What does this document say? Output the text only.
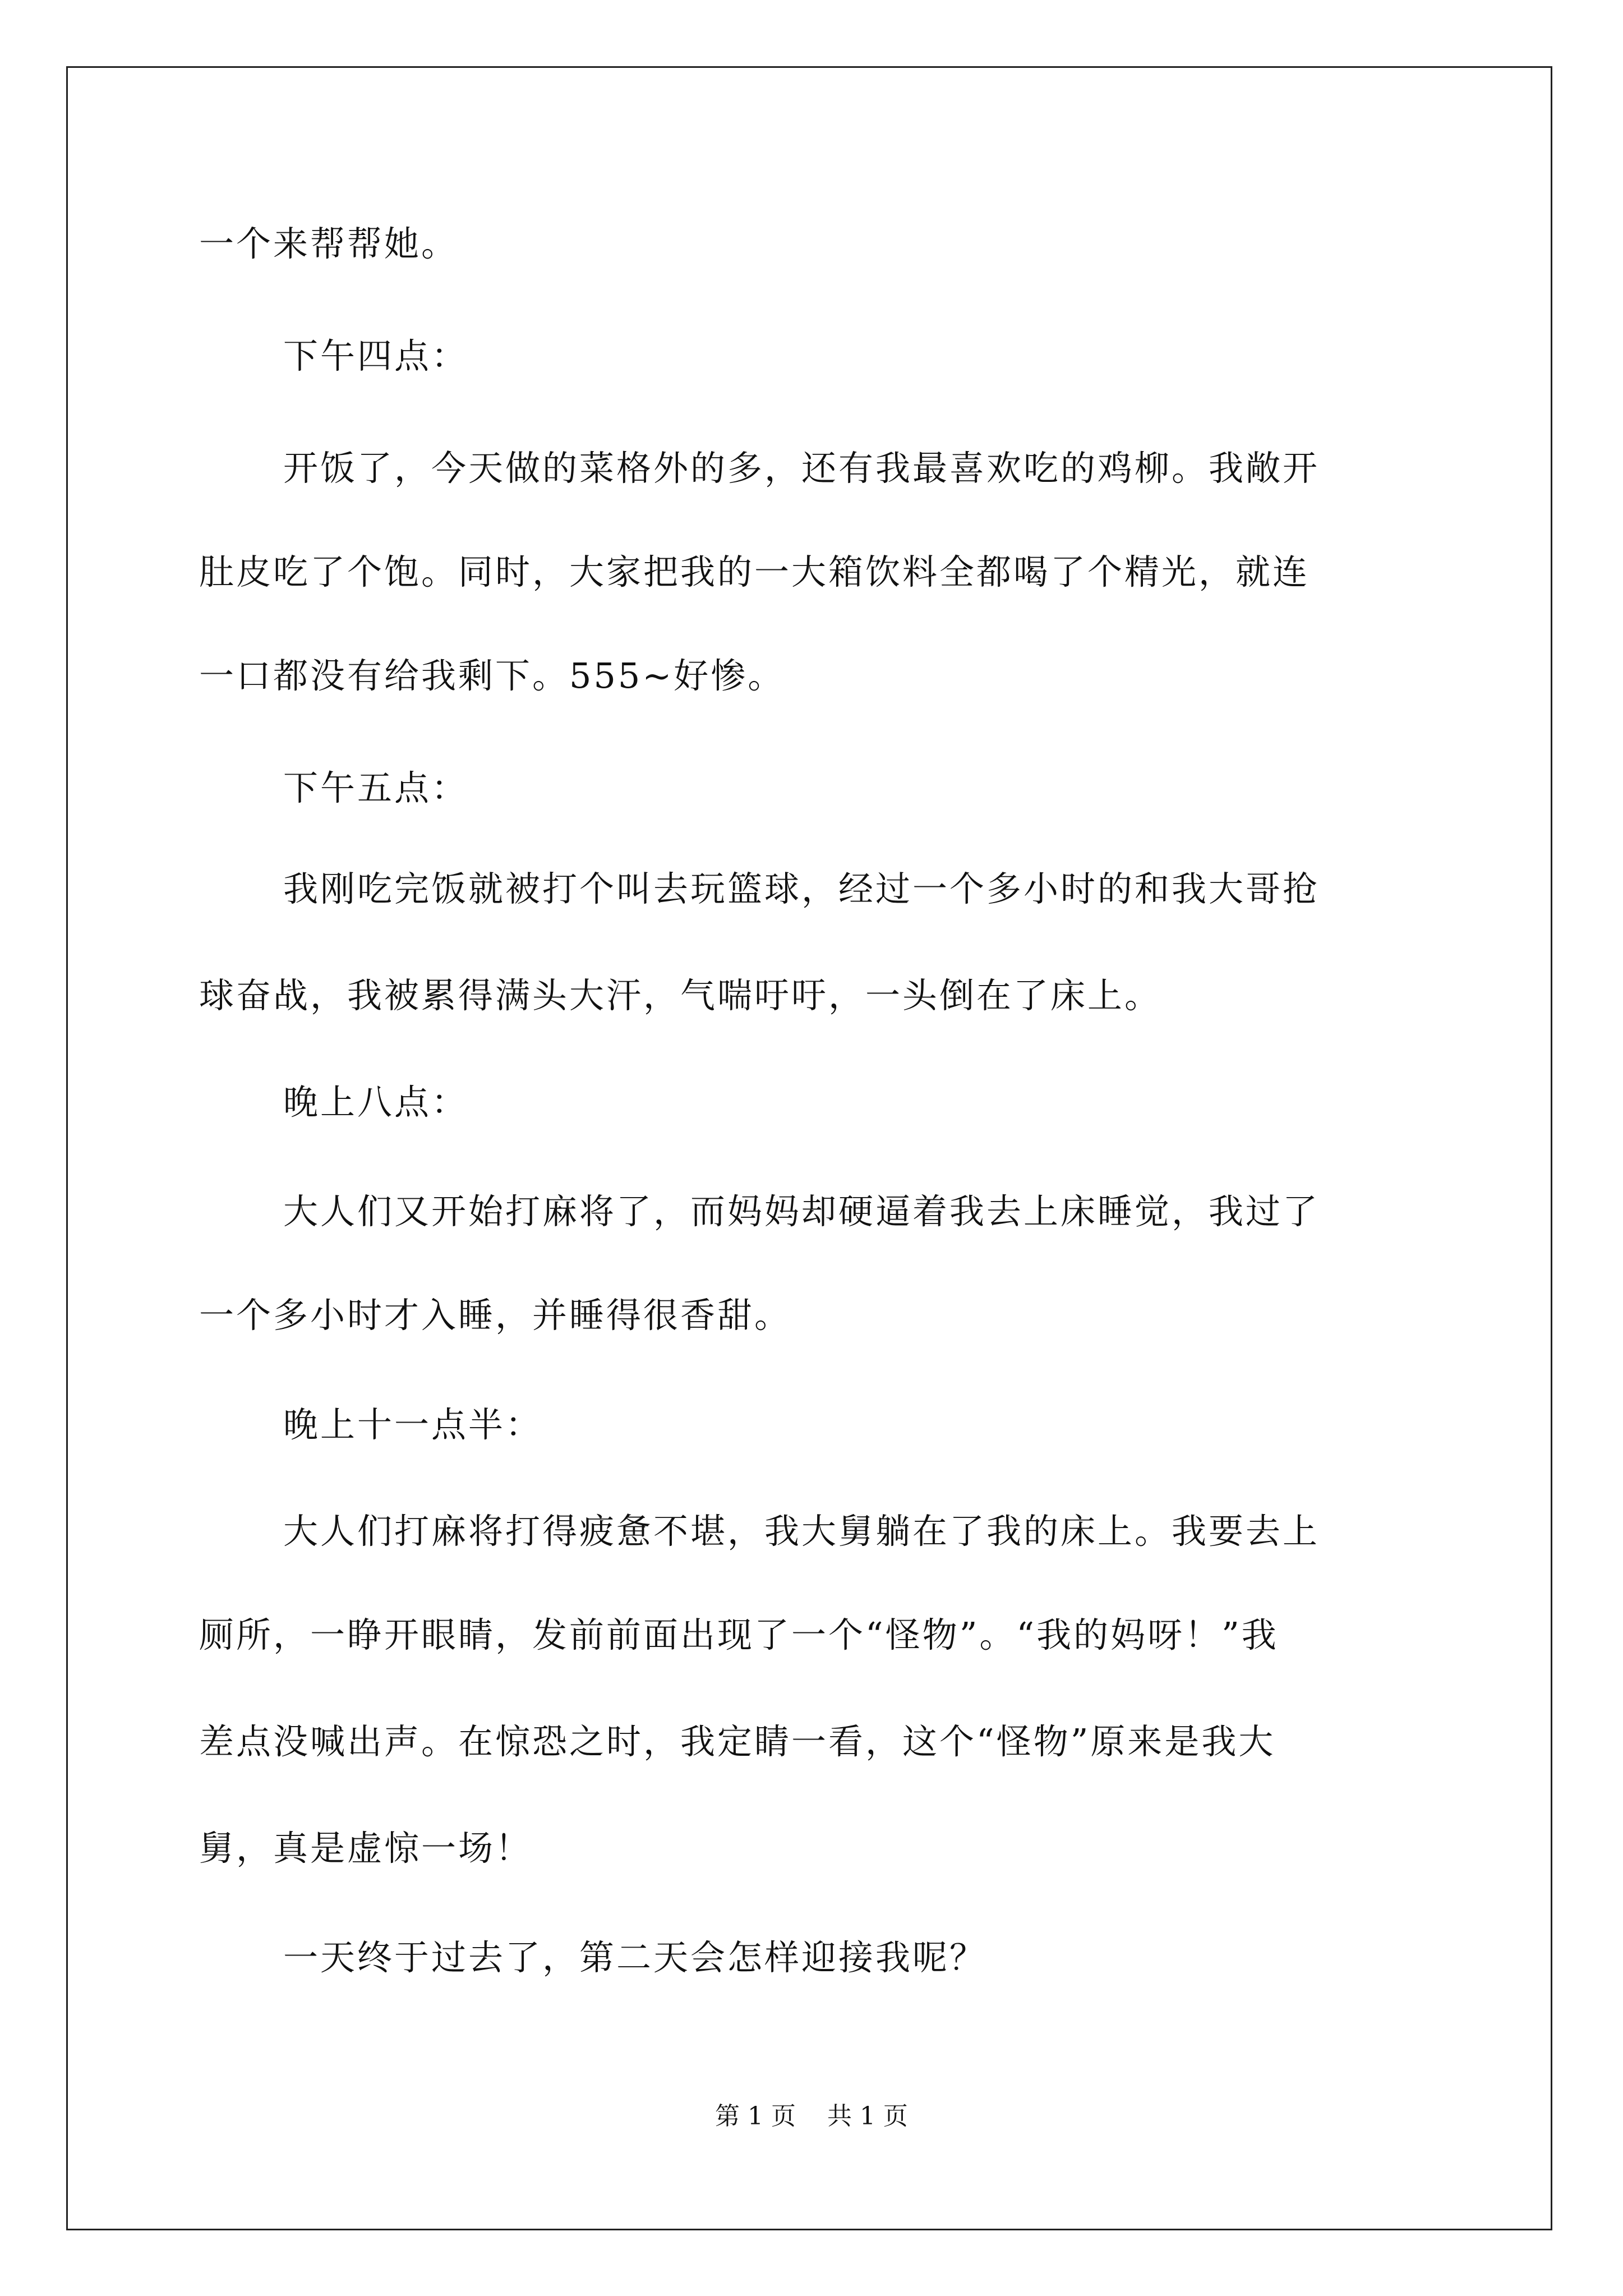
一个来帮帮她。
下午四点：
开饭了，今天做的菜格外的多，还有我最喜欢吃的鸡柳。我敞开
肚皮吃了个饱。同时，大家把我的一大箱饮料全都喝了个精光，就连
一口都没有给我剩下。555~好惨。
下午五点：
我刚吃完饭就被打个叫去玩篮球，经过一个多小时的和我大哥抢
球奋战，我被累得满头大汗，气喘吁吁，一头倒在了床上。
晚上八点：
大人们又开始打麻将了，而妈妈却硬逼着我去上床睡觉，我过了
一个多小时才入睡，并睡得很香甜。
晚上十一点半：
大人们打麻将打得疲惫不堪，我大舅躺在了我的床上。我要去上
厕所，一睁开眼睛，发前前面出现了一个“怪物”。“我的妈呀！”我
差点没喊出声。在惊恐之时，我定睛一看，这个“怪物”原来是我大
舅，真是虚惊一场！
一天终于过去了，第二天会怎样迎接我呢？
第 1 页    共 1 页
